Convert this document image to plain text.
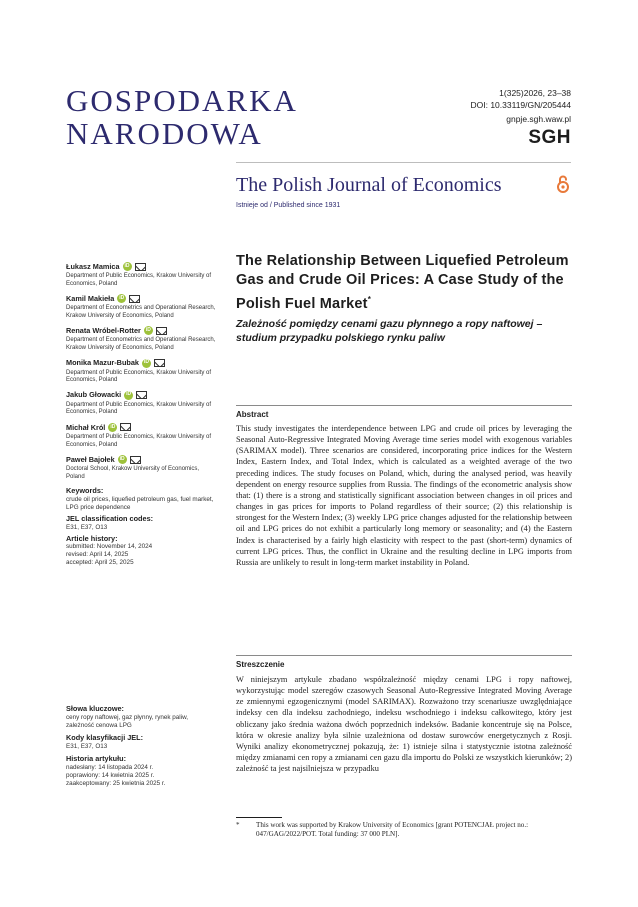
GOSPODARKA
NARODOWA
1(325)2026, 23–38
DOI: 10.33119/GN/205444
gnpje.sgh.waw.pl
SGH
The Polish Journal of Economics
Istnieje od / Published since 1931
Łukasz Mamica	iD
Department of Public Economics, Krakow University of Economics, Poland
Kamil Makieła	iD
Department of Econometrics and Operational Research, Krakow University of Economics, Poland
Renata Wróbel-Rotter	iD
Department of Econometrics and Operational Research, Krakow University of Economics, Poland
Monika Mazur-Bubak	iD
Department of Public Economics, Krakow University of Economics, Poland
Jakub Głowacki	iD
Department of Public Economics, Krakow University of Economics, Poland
Michał Król	iD
Department of Public Economics, Krakow University of Economics, Poland
Paweł Bajołek	iD
Doctoral School, Krakow University of Economics, Poland
Keywords:
crude oil prices, liquefied petroleum gas, fuel market, LPG price dependence
JEL classification codes:
E31, E37, O13
Article history:
submitted: November 14, 2024
revised: April 14, 2025
accepted: April 25, 2025
Słowa kluczowe:
ceny ropy naftowej, gaz płynny, rynek paliw, zależność cenowa LPG
Kody klasyfikacji JEL:
E31, E37, O13
Historia artykułu:
nadesłany: 14 listopada 2024 r.
poprawiony: 14 kwietnia 2025 r.
zaakceptowany: 25 kwietnia 2025 r.
The Relationship Between Liquefied Petroleum Gas and Crude Oil Prices: A Case Study of the Polish Fuel Market*
Zależność pomiędzy cenami gazu płynnego a ropy naftowej – studium przypadku polskiego rynku paliw
Abstract
This study investigates the interdependence between LPG and crude oil prices by leveraging the Seasonal Auto-Regressive Integrated Moving Average time series model with exogenous variables (SARIMAX model). Three scenarios are considered, incorporating price indices for the Western Index, Eastern Index, and Total Index, which is calculated as a weighted average of the two preceding indices. The study focuses on Poland, which, during the analysed period, was heavily dependent on energy resource supplies from Russia. The findings of the econometric analysis show that: (1) there is a strong and statistically significant association between changes in oil prices and changes in gas prices for imports to Poland regardless of their source; (2) this relationship is strongest for the Western Index; (3) weekly LPG price changes adjusted for the relationship between oil and LPG prices do not exhibit a particularly long memory or seasonality; and (4) the Eastern Index is characterised by a fairly high elasticity with respect to the past (short-term) dynamics of current LPG prices. Thus, the conflict in Ukraine and the resulting decline in LPG imports from Russia are unlikely to result in long-term market instability in Poland.
Streszczenie
W niniejszym artykule zbadano współzależność między cenami LPG i ropy naftowej, wykorzystując model szeregów czasowych Seasonal Auto-Regressive Integrated Moving Average ze zmiennymi egzogenicznymi (model SARIMAX). Rozważono trzy scenariusze uwzględniające indeksy cen dla indeksu zachodniego, indeksu wschodniego i indeksu całkowitego, który jest obliczany jako średnia ważona dwóch poprzednich indeksów. Badanie koncentruje się na Polsce, która w okresie analizy była silnie uzależniona od dostaw surowców energetycznych z Rosji. Wyniki analizy ekonometrycznej pokazują, że: 1) istnieje silna i statystycznie istotna zależność między zmianami cen ropy a zmianami cen gazu dla importu do Polski ze wszystkich kierunków; 2) zależność ta jest najsilniejsza w przypadku
*	This work was supported by Krakow University of Economics [grant POTENCJAŁ project no.: 047/GAG/2022/POT. Total funding: 37 000 PLN].
